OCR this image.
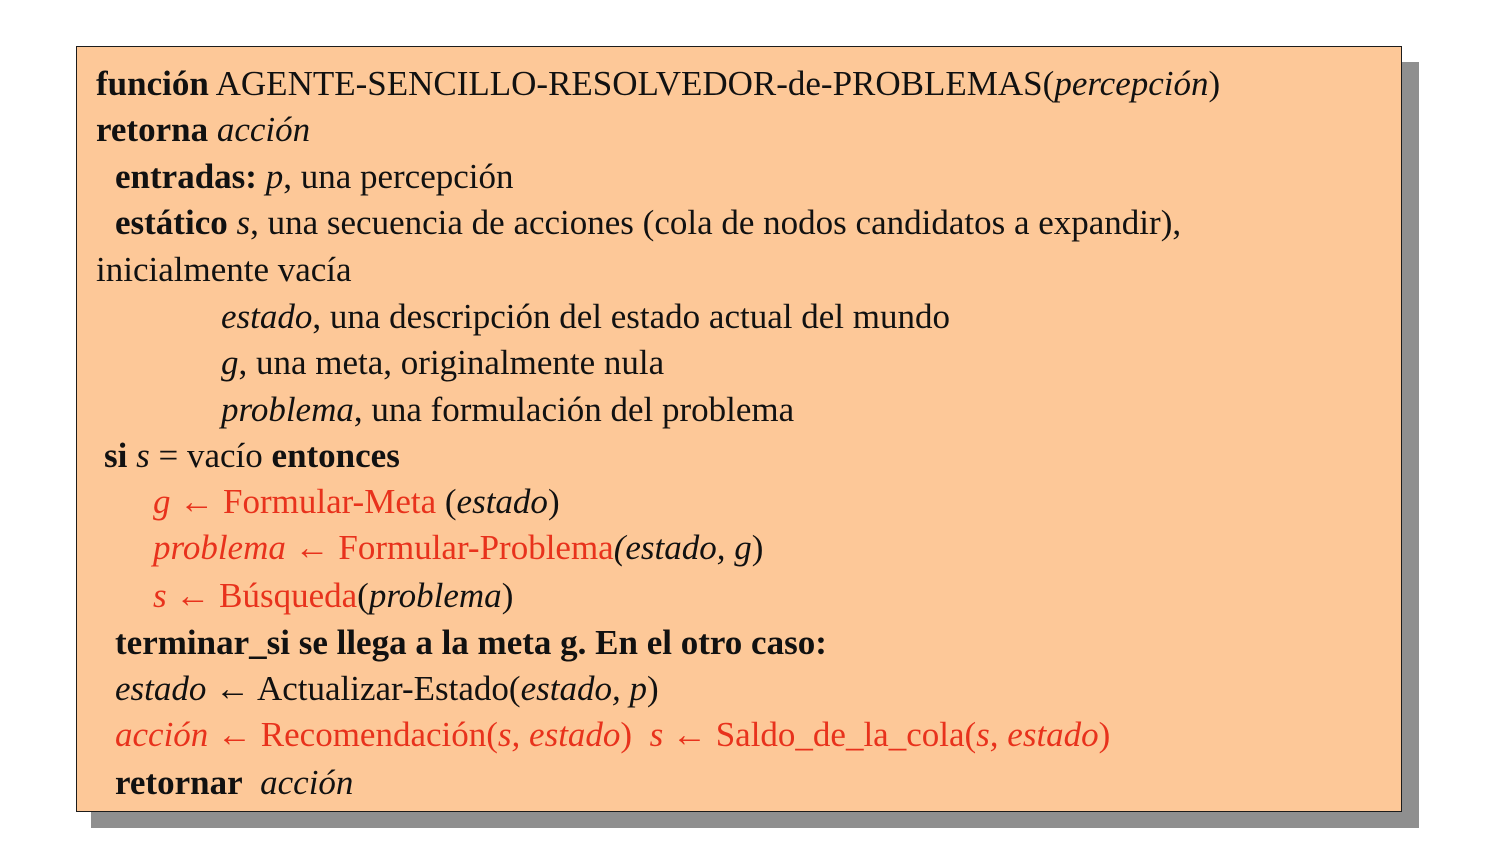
función AGENTE-SENCILLO-RESOLVEDOR-de-PROBLEMAS(percepción)
retorna acción
entradas: p, una percepción
estático s, una secuencia de acciones (cola de nodos candidatos a expandir),
inicialmente vacía
estado, una descripción del estado actual del mundo
g, una meta, originalmente nula
problema, una formulación del problema
si s = vacío entonces
g ← Formular-Meta (estado)
problema ← Formular-Problema(estado, g)
s ← Búsqueda(problema)
terminar_si se llega a la meta g. En el otro caso:
estado ← Actualizar-Estado(estado, p)
acción ← Recomendación(s, estado)  s ← Saldo_de_la_cola(s, estado)
retornar acción
